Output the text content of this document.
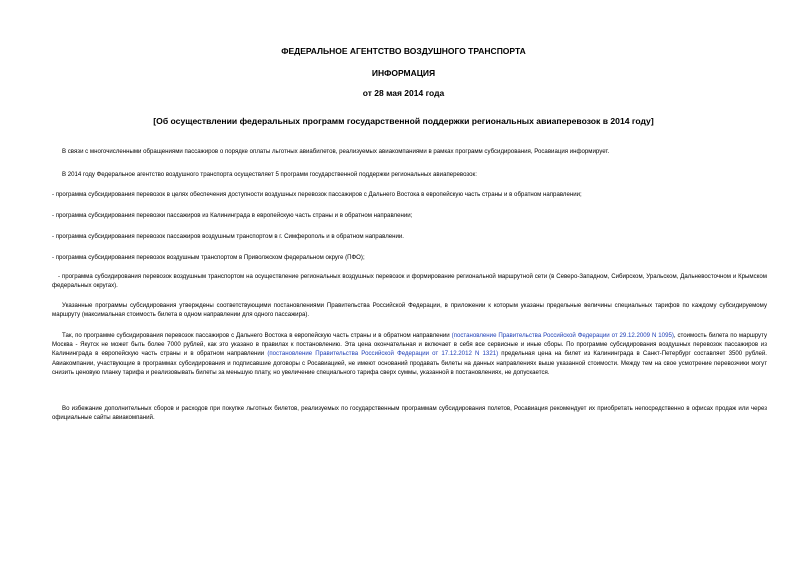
ФЕДЕРАЛЬНОЕ АГЕНТСТВО ВОЗДУШНОГО ТРАНСПОРТА
ИНФОРМАЦИЯ
от 28 мая 2014 года
[Об осуществлении федеральных программ государственной поддержки региональных авиаперевозок в 2014 году]
В связи с многочисленными обращениями пассажиров о порядке оплаты льготных авиабилетов, реализуемых авиакомпаниями в рамках программ субсидирования, Росавиация информирует.
В 2014 году Федеральное агентство воздушного транспорта осуществляет 5 программ государственной поддержки региональных авиаперевозок:
- программа субсидирования перевозок в целях обеспечения доступности воздушных перевозок пассажиров с Дальнего Востока в европейскую часть страны и в обратном направлении;
- программа субсидирования перевозки пассажиров из Калининграда в европейскую часть страны и в обратном направлении;
- программа субсидирования перевозок пассажиров воздушным транспортом в г. Симферополь и в обратном направлении.
- программа субсидирования перевозок воздушным транспортом в Приволжском федеральном округе (ПФО);
- программа субсидирования перевозок воздушным транспортом на осуществление региональных воздушных перевозок и формирование региональной маршрутной сети (в Северо-Западном, Сибирском, Уральском, Дальневосточном и Крымском федеральных округах).
Указанные программы субсидирования утверждены соответствующими постановлениями Правительства Российской Федерации, в приложении к которым указаны предельные величины специальных тарифов по каждому субсидируемому маршруту (максимальная стоимость билета в одном направлении для одного пассажира).
Так, по программе субсидирования перевозок пассажиров с Дальнего Востока в европейскую часть страны и в обратном направлении (постановление Правительства Российской Федерации от 29.12.2009 N 1095), стоимость билета по маршруту Москва - Якутск не может быть более 7000 рублей, как это указано в правилах к постановлению. Эта цена окончательная и включает в себя все сервисные и иные сборы. По программе субсидирования воздушных перевозок пассажиров из Калининграда в европейскую часть страны и в обратном направлении (постановление Правительства Российской Федерации от 17.12.2012 N 1321) предельная цена на билет из Калининграда в Санкт-Петербург составляет 3500 рублей. Авиакомпании, участвующие в программах субсидирования и подписавшие договоры с Росавиацией, не имеют оснований продавать билеты на данных направлениях выше указанной стоимости. Между тем на свое усмотрение перевозчики могут снизить ценовую планку тарифа и реализовывать билеты за меньшую плату, но увеличение специального тарифа сверх суммы, указанной в постановлениях, не допускается.
Во избежание дополнительных сборов и расходов при покупке льготных билетов, реализуемых по государственным программам субсидирования полетов, Росавиация рекомендует их приобретать непосредственно в офисах продаж или через официальные сайты авиакомпаний.
